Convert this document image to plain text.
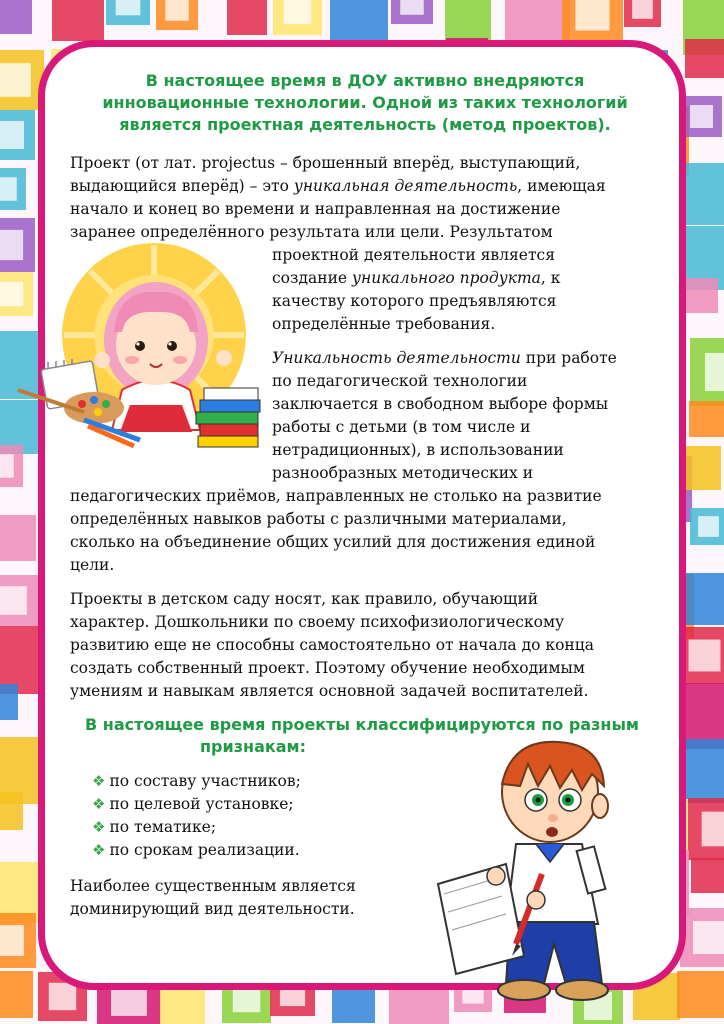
В настоящее время в ДОУ активно внедряются
инновационные технологии. Одной из таких технологий
является проектная деятельность (метод проектов).
Проект (от лат. projectus – брошенный вперёд, выступающий,
выдающийся вперёд) – это уникальная деятельность, имеющая
начало и конец во времени и направленная на достижение
заранее определённого результата или цели. Результатом
проектной деятельности является
создание уникального продукта, к
качеству которого предъявляются
определённые требования.
Уникальность деятельности при работе
по педагогической технологии
заключается в свободном выборе формы
работы с детьми (в том числе и
нетрадиционных), в использовании
разнообразных методических и
педагогических приёмов, направленных не столько на развитие
определённых навыков работы с различными материалами,
сколько на объединение общих усилий для достижения единой
цели.
Проекты в детском саду носят, как правило, обучающий
характер. Дошкольники по своему психофизиологическому
развитию еще не способны самостоятельно от начала до конца
создать собственный проект. Поэтому обучение необходимым
умениям и навыкам является основной задачей воспитателей.
В настоящее время проекты классифицируются по разным
признакам:
❖ по составу участников;
❖ по целевой установке;
❖ по тематике;
❖ по срокам реализации.
Наиболее существенным является
доминирующий вид деятельности.
